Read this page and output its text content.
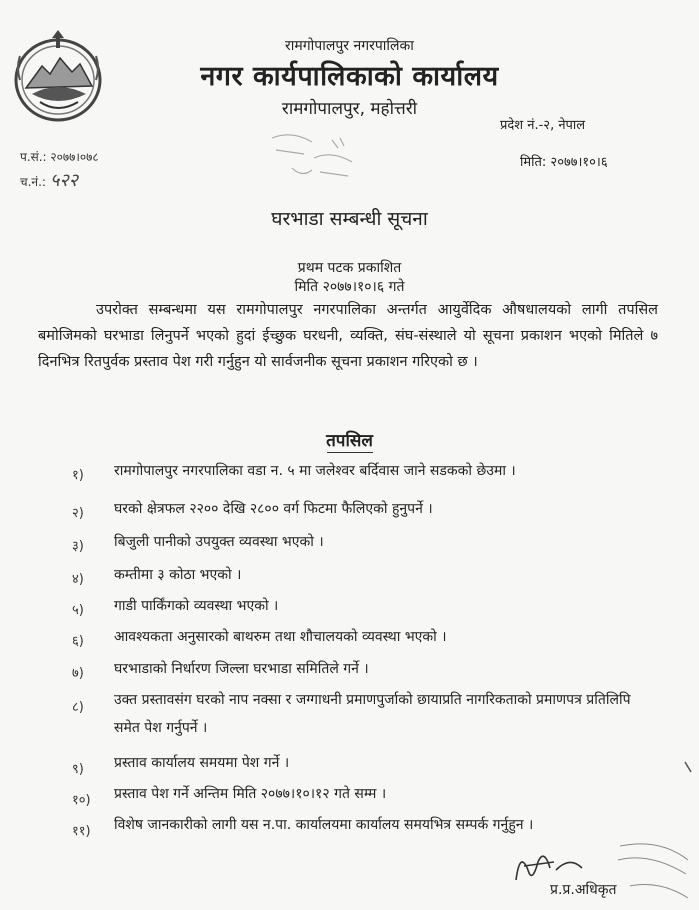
रामगोपालपुर नगरपालिका
नगर कार्यपालिकाको कार्यालय
रामगोपालपुर, महोत्तरी
प्रदेश नं.-२, नेपाल
प.सं.: २०७७।०७८
च.नं.: ५२२
मिति: २०७७।१०।६
घरभाडा सम्बन्धी सूचना
प्रथम पटक प्रकाशित
मिति २०७७।१०।६ गते
उपरोक्त सम्बन्धमा यस रामगोपालपुर नगरपालिका अन्तर्गत आयुर्वेदिक औषधालयको लागी तपसिल बमोजिमको घरभाडा लिनुपर्ने भएको हुदां ईच्छुक घरधनी, व्यक्ति, संघ-संस्थाले यो सूचना प्रकाशन भएको मितिले ७ दिनभित्र रितपुर्वक प्रस्ताव पेश गरी गर्नुहुन यो सार्वजनीक सूचना प्रकाशन गरिएको छ ।
तपसिल
१) रामगोपालपुर नगरपालिका वडा न. ५ मा जलेश्वर बर्दिवास जाने सडकको छेउमा ।
२) घरको क्षेत्रफल २२०० देखि २८०० वर्ग फिटमा फैलिएको हुनुपर्ने ।
३) बिजुली पानीको उपयुक्त व्यवस्था भएको ।
४) कम्तीमा ३ कोठा भएको ।
५) गाडी पार्किंगको व्यवस्था भएको ।
६) आवश्यकता अनुसारको बाथरुम तथा शौचालयको व्यवस्था भएको ।
७) घरभाडाको निर्धारण जिल्ला घरभाडा समितिले गर्ने ।
८) उक्त प्रस्तावसंग घरको नाप नक्सा र जग्गाधनी प्रमाणपुर्जाको छायाप्रति नागरिकताको प्रमाणपत्र प्रतिलिपि समेत पेश गर्नुपर्ने ।
९) प्रस्ताव कार्यालय समयमा पेश गर्ने ।
१०) प्रस्ताव पेश गर्ने अन्तिम मिति २०७७।१०।१२ गते सम्म ।
११) विशेष जानकारीको लागी यस न.पा. कार्यालयमा कार्यालय समयभित्र सम्पर्क गर्नुहुन ।
प्र.प्र.अधिकृत
